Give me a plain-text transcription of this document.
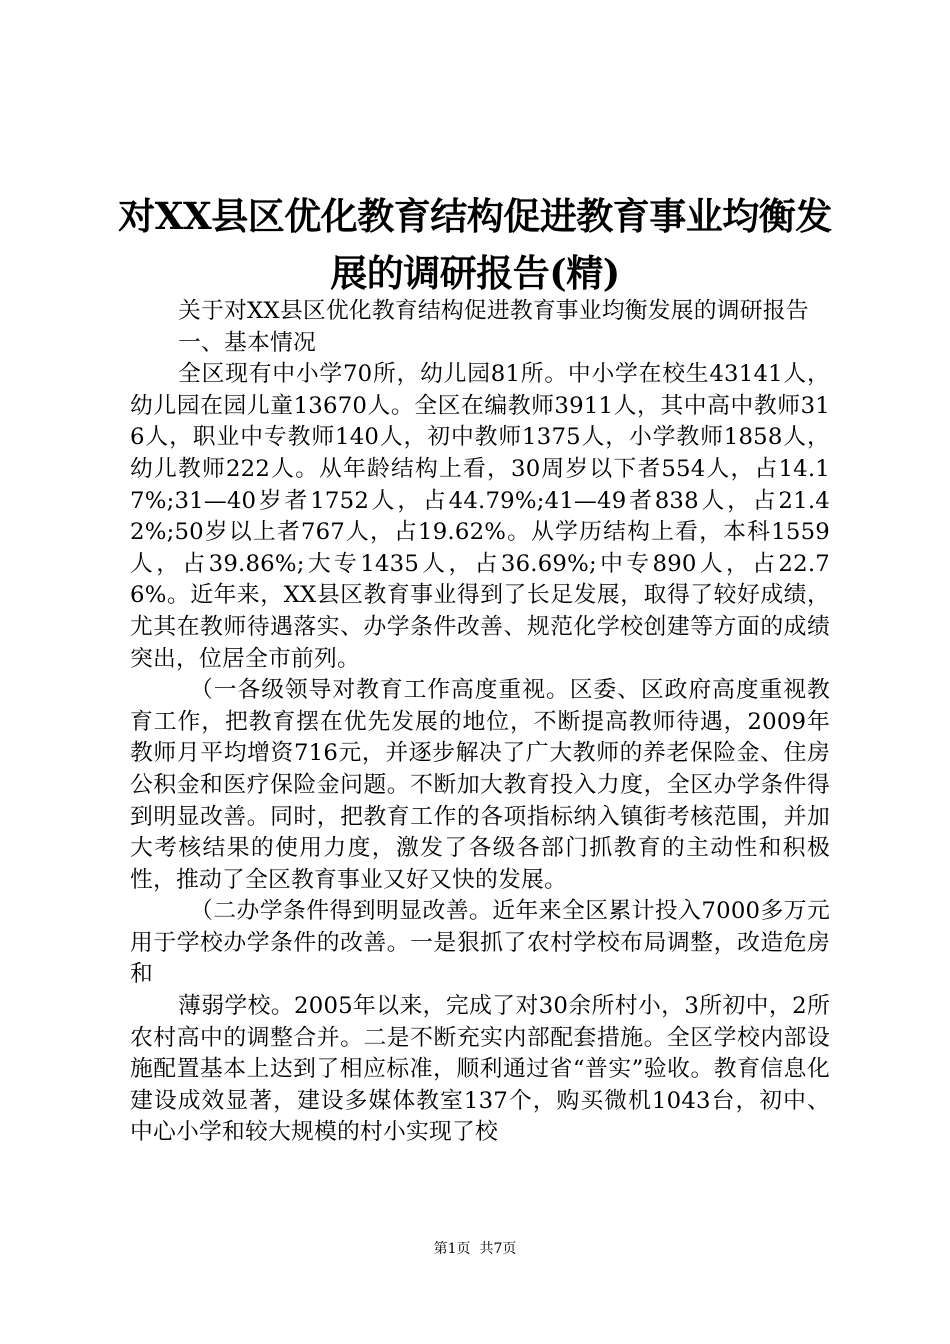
对XX县区优化教育结构促进教育事业均衡发
展的调研报告(精)

关于对XX县区优化教育结构促进教育事业均衡发展的调研报告

一、基本情况

全区现有中小学70所，幼儿园81所。中小学在校生43141人，幼儿园在园儿童13670人。全区在编教师3911人，其中高中教师316人，职业中专教师140人，初中教师1375人，小学教师1858人，幼儿教师222人。从年龄结构上看，30周岁以下者554人，占14.17%;31—40岁者1752人，占44.79%;41—49者838人，占21.42%;50岁以上者767人，占19.62%。从学历结构上看，本科1559人，占39.86%;大专1435人，占36.69%;中专890人，占22.76%。近年来，XX县区教育事业得到了长足发展，取得了较好成绩，尤其在教师待遇落实、办学条件改善、规范化学校创建等方面的成绩突出，位居全市前列。

（一各级领导对教育工作高度重视。区委、区政府高度重视教育工作，把教育摆在优先发展的地位，不断提高教师待遇，2009年教师月平均增资716元，并逐步解决了广大教师的养老保险金、住房公积金和医疗保险金问题。不断加大教育投入力度，全区办学条件得到明显改善。同时，把教育工作的各项指标纳入镇街考核范围，并加大考核结果的使用力度，激发了各级各部门抓教育的主动性和积极性，推动了全区教育事业又好又快的发展。

（二办学条件得到明显改善。近年来全区累计投入7000多万元用于学校办学条件的改善。一是狠抓了农村学校布局调整，改造危房和

薄弱学校。2005年以来，完成了对30余所村小，3所初中，2所农村高中的调整合并。二是不断充实内部配套措施。全区学校内部设施配置基本上达到了相应标准，顺利通过省“普实”验收。教育信息化建设成效显著，建设多媒体教室137个，购买微机1043台，初中、中心小学和较大规模的村小实现了校

第1页  共7页
